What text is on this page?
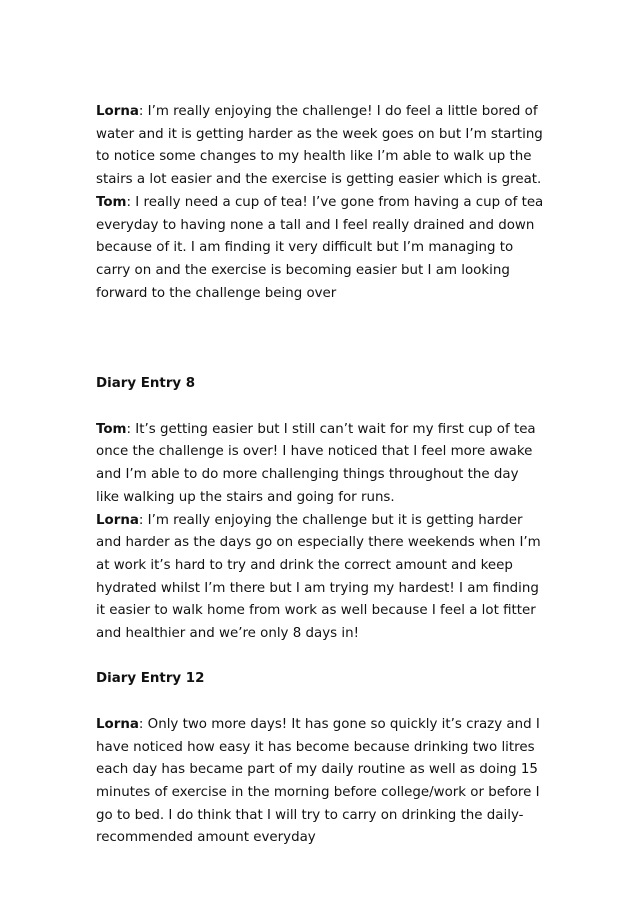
Lorna: I’m really enjoying the challenge! I do feel a little bored of water and it is getting harder as the week goes on but I’m starting to notice some changes to my health like I’m able to walk up the stairs a lot easier and the exercise is getting easier which is great.

Tom: I really need a cup of tea! I’ve gone from having a cup of tea everyday to having none a tall and I feel really drained and down because of it. I am finding it very difficult but I’m managing to carry on and the exercise is becoming easier but I am looking forward to the challenge being over

Diary Entry 8

Tom: It’s getting easier but I still can’t wait for my first cup of tea once the challenge is over! I have noticed that I feel more awake and I’m able to do more challenging things throughout the day like walking up the stairs and going for runs.

Lorna: I’m really enjoying the challenge but it is getting harder and harder as the days go on especially there weekends when I’m at work it’s hard to try and drink the correct amount and keep hydrated whilst I’m there but I am trying my hardest! I am finding it easier to walk home from work as well because I feel a lot fitter and healthier and we’re only 8 days in!

Diary Entry 12

Lorna: Only two more days! It has gone so quickly it’s crazy and I have noticed how easy it has become because drinking two litres each day has became part of my daily routine as well as doing 15 minutes of exercise in the morning before college/work or before I go to bed. I do think that I will try to carry on drinking the daily-recommended amount everyday
